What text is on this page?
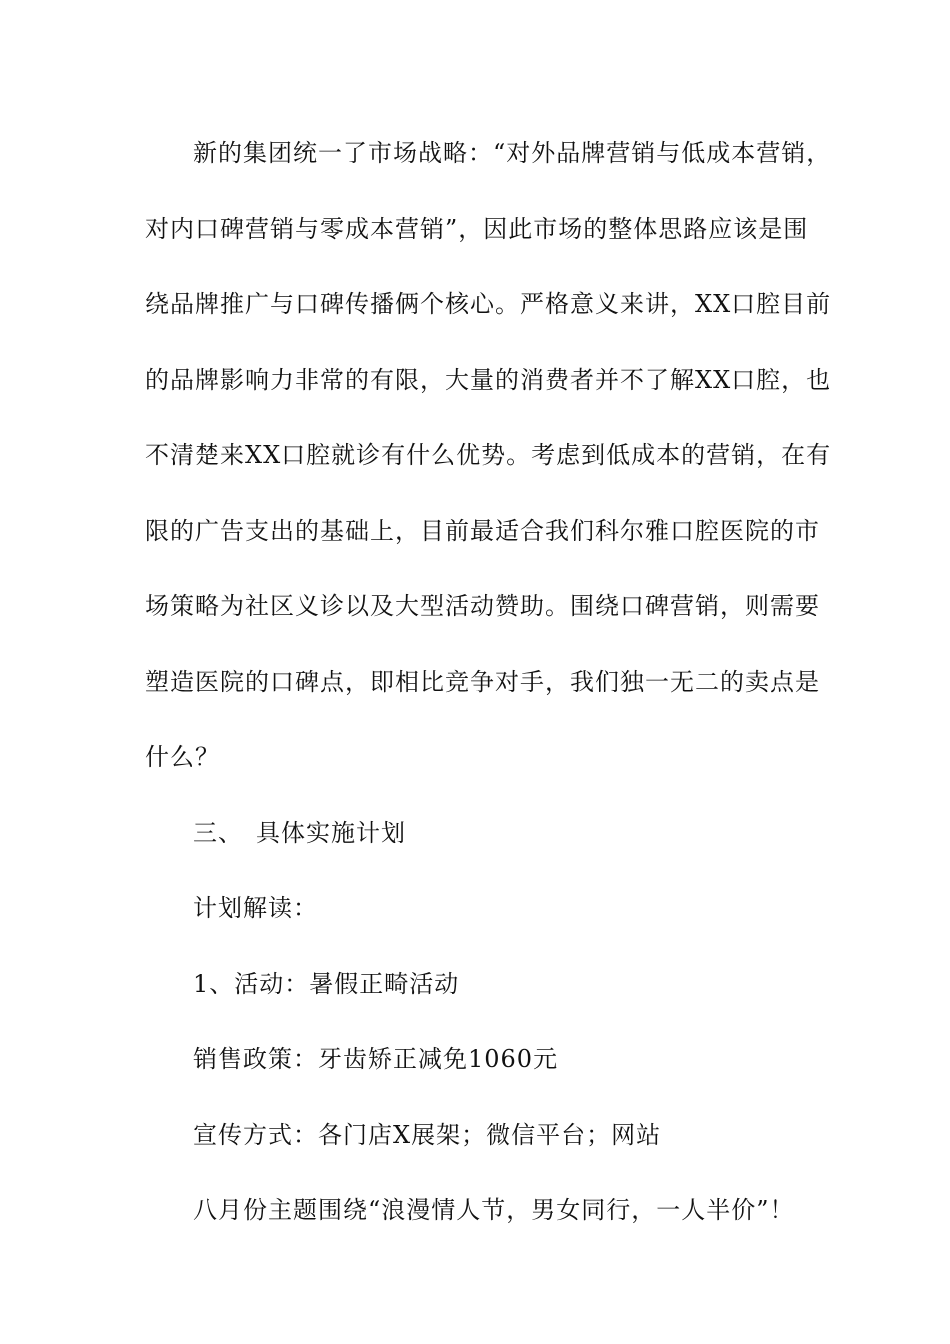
新的集团统一了市场战略：“对外品牌营销与低成本营销，
对内口碑营销与零成本营销”，因此市场的整体思路应该是围
绕品牌推广与口碑传播俩个核心。严格意义来讲，XX口腔目前
的品牌影响力非常的有限，大量的消费者并不了解XX口腔，也
不清楚来XX口腔就诊有什么优势。考虑到低成本的营销，在有
限的广告支出的基础上，目前最适合我们科尔雅口腔医院的市
场策略为社区义诊以及大型活动赞助。围绕口碑营销，则需要
塑造医院的口碑点，即相比竞争对手，我们独一无二的卖点是
什么？
三、　具体实施计划
计划解读：
1、活动：暑假正畸活动
销售政策：牙齿矫正减免1060元
宣传方式：各门店X展架；微信平台；网站
八月份主题围绕“浪漫情人节，男女同行，一人半价”！
